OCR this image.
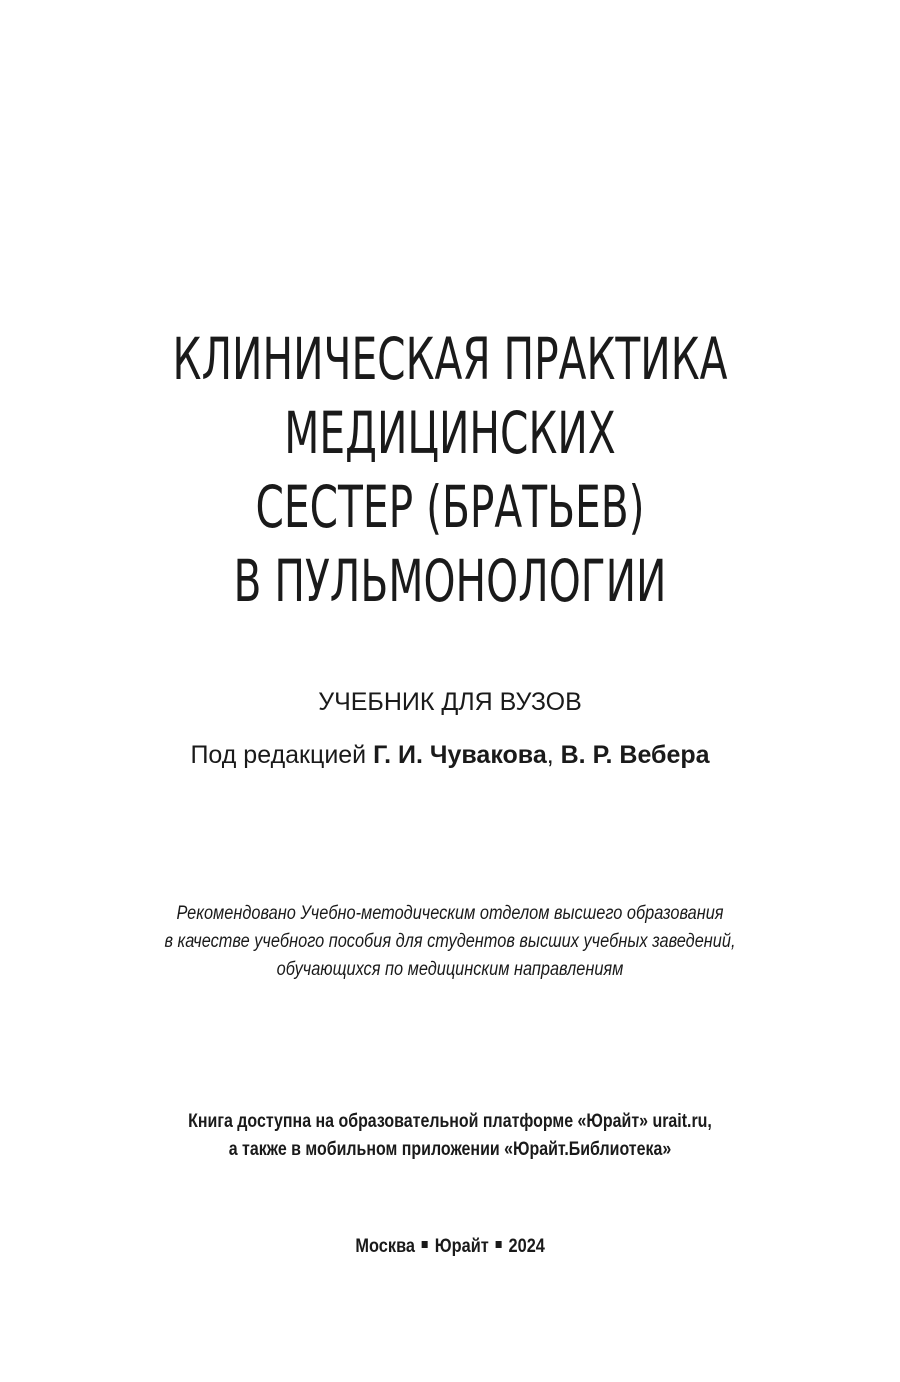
КЛИНИЧЕСКАЯ ПРАКТИКА
МЕДИЦИНСКИХ
СЕСТЕР (БРАТЬЕВ)
В ПУЛЬМОНОЛОГИИ
УЧЕБНИК ДЛЯ ВУЗОВ
Под редакцией Г. И. Чувакова, В. Р. Вебера
Рекомендовано Учебно-методическим отделом высшего образования
в качестве учебного пособия для студентов высших учебных заведений,
обучающихся по медицинским направлениям
Книга доступна на образовательной платформе «Юрайт» urait.ru,
а также в мобильном приложении «Юрайт.Библиотека»
Москва Юрайт 2024
